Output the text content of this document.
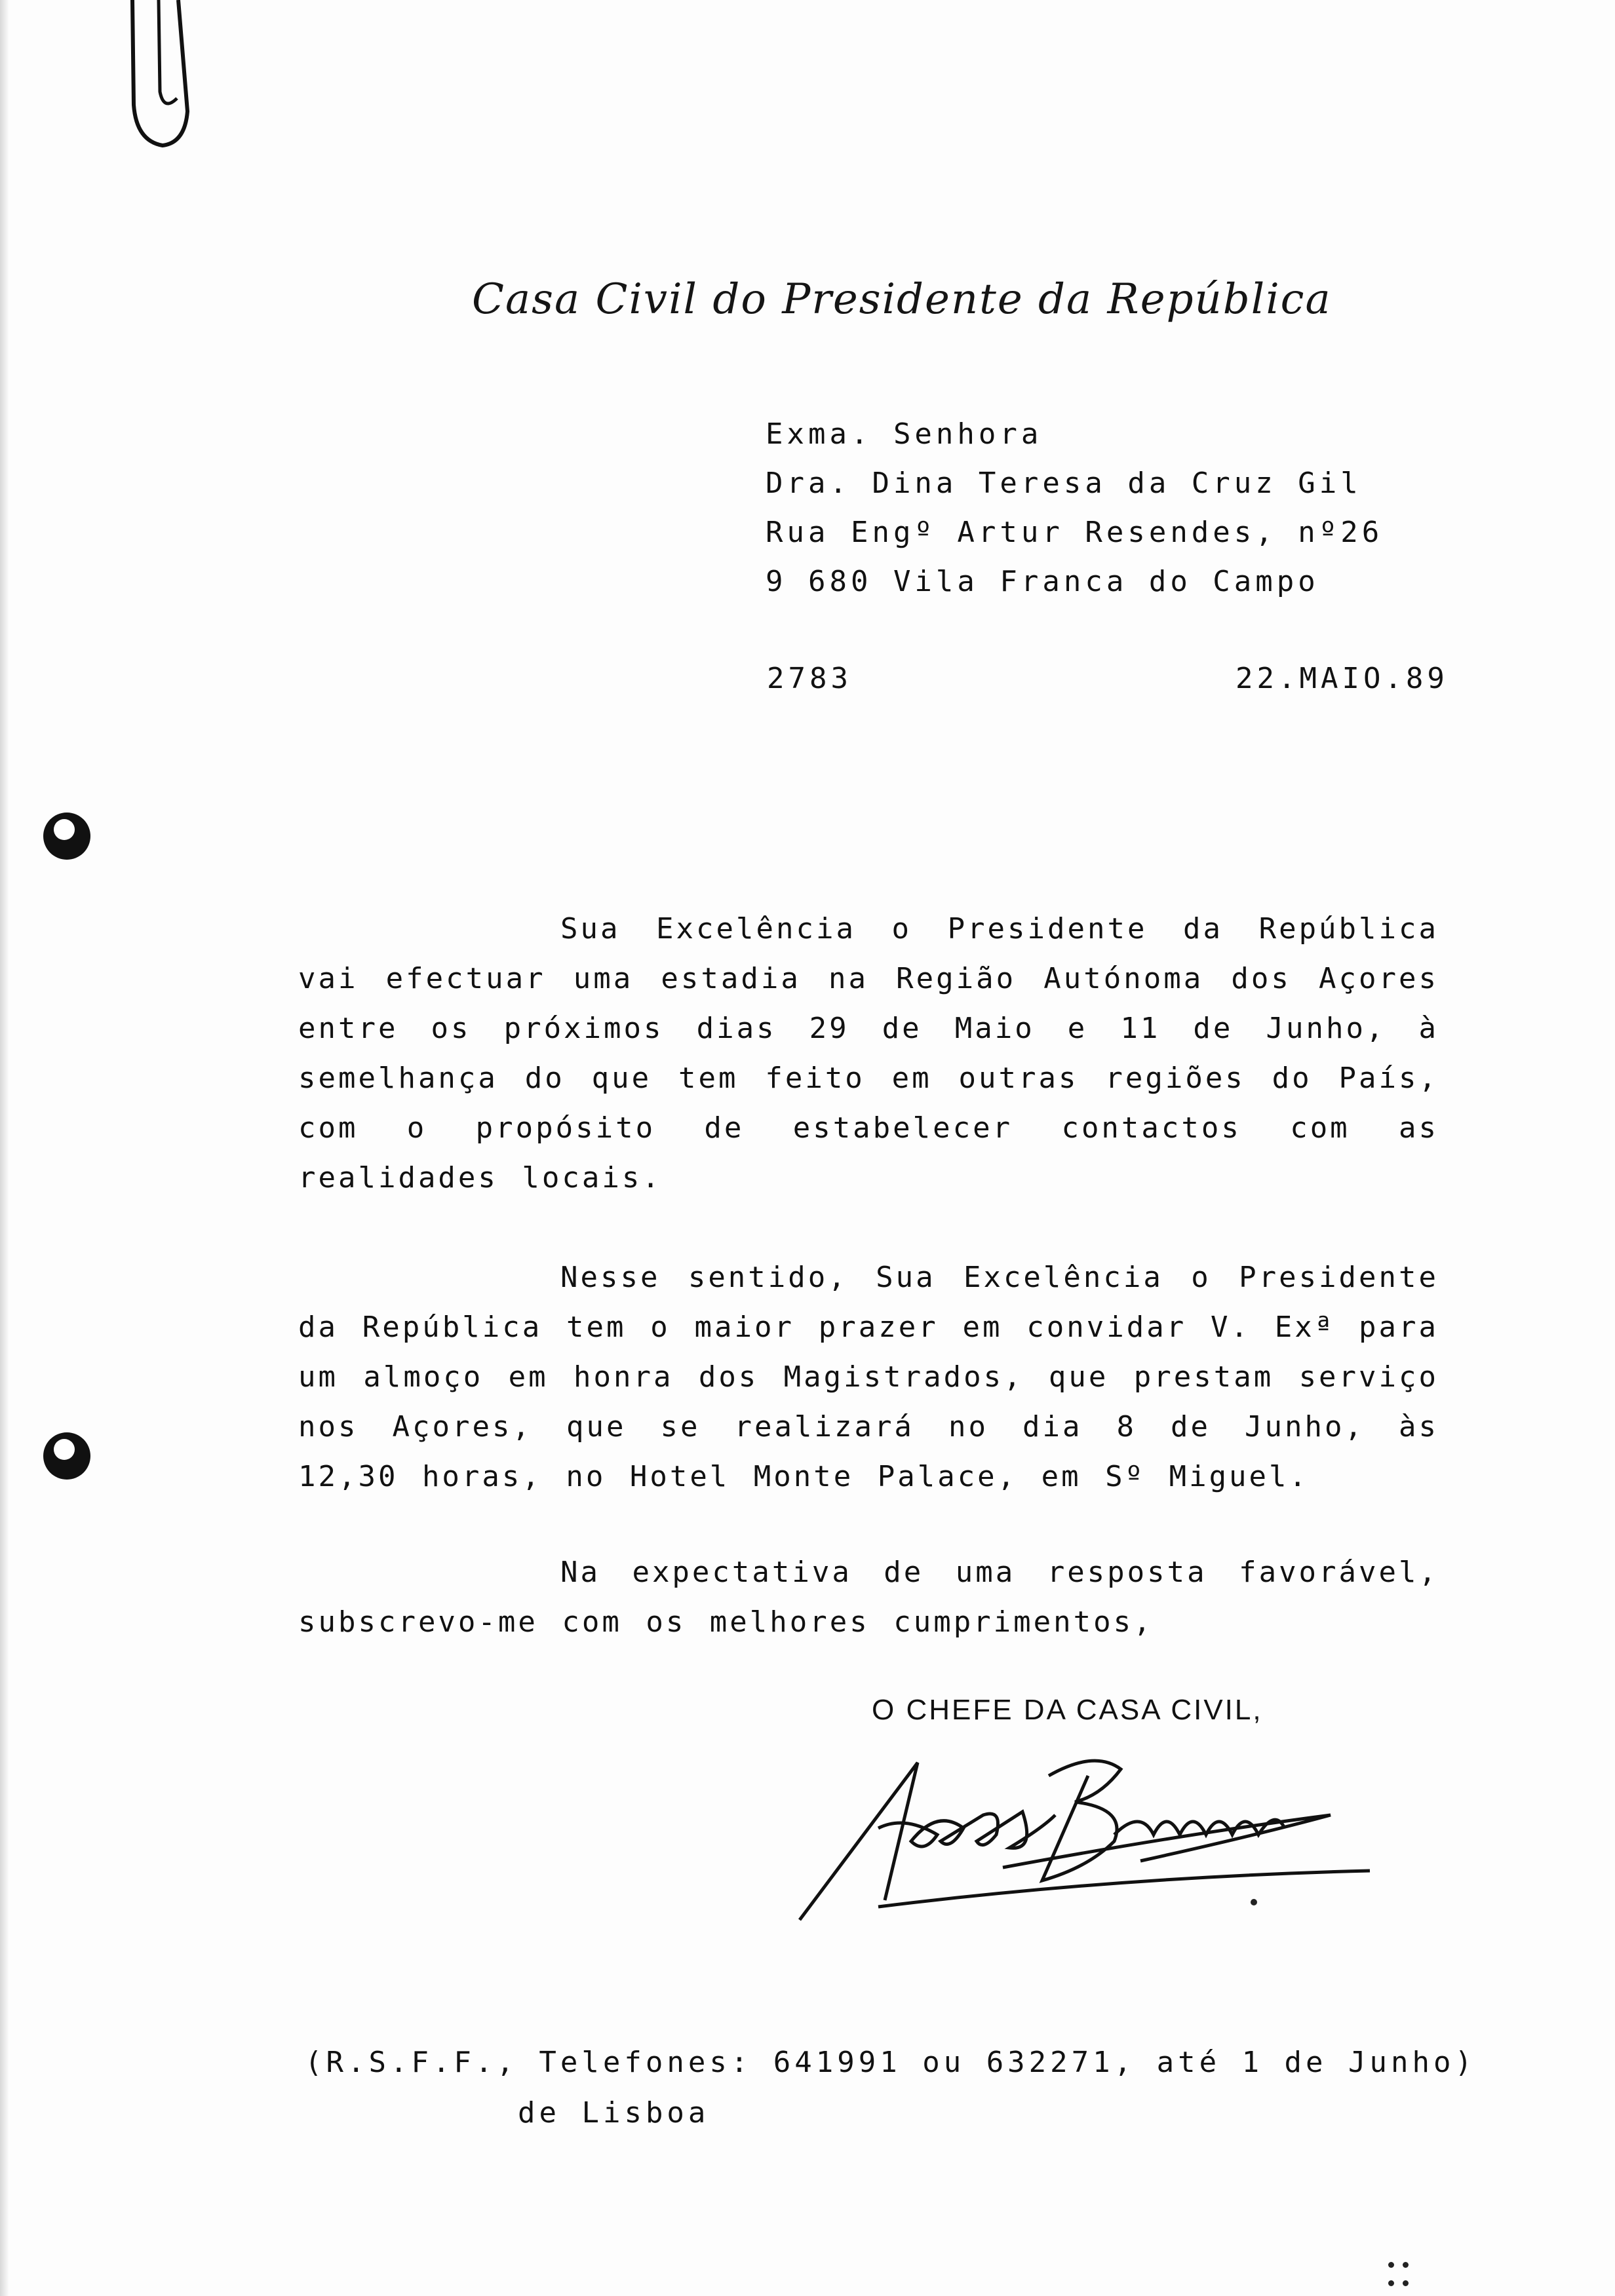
Casa Civil do Presidente da República
Exma. Senhora
Dra. Dina Teresa da Cruz Gil
Rua Engº Artur Resendes, nº26
9 680 Vila Franca do Campo
2783	22.MAIO.89
Sua Excelência o Presidente da República vai efectuar uma estadia na Região Autónoma dos Açores entre os próximos dias 29 de Maio e 11 de Junho, à semelhança do que tem feito em outras regiões do País, com o propósito de estabelecer contactos com as realidades locais.
Nesse sentido, Sua Excelência o Presidente da República tem o maior prazer em convidar V. Exª para um almoço em honra dos Magistrados, que prestam serviço nos Açores, que se realizará no dia 8 de Junho, às 12,30 horas, no Hotel Monte Palace, em Sº Miguel.
Na expectativa de uma resposta favorável, subscrevo-me com os melhores cumprimentos,
O CHEFE DA CASA CIVIL,
(R.S.F.F., Telefones: 641991 ou 632271, até 1 de Junho)
de Lisboa
